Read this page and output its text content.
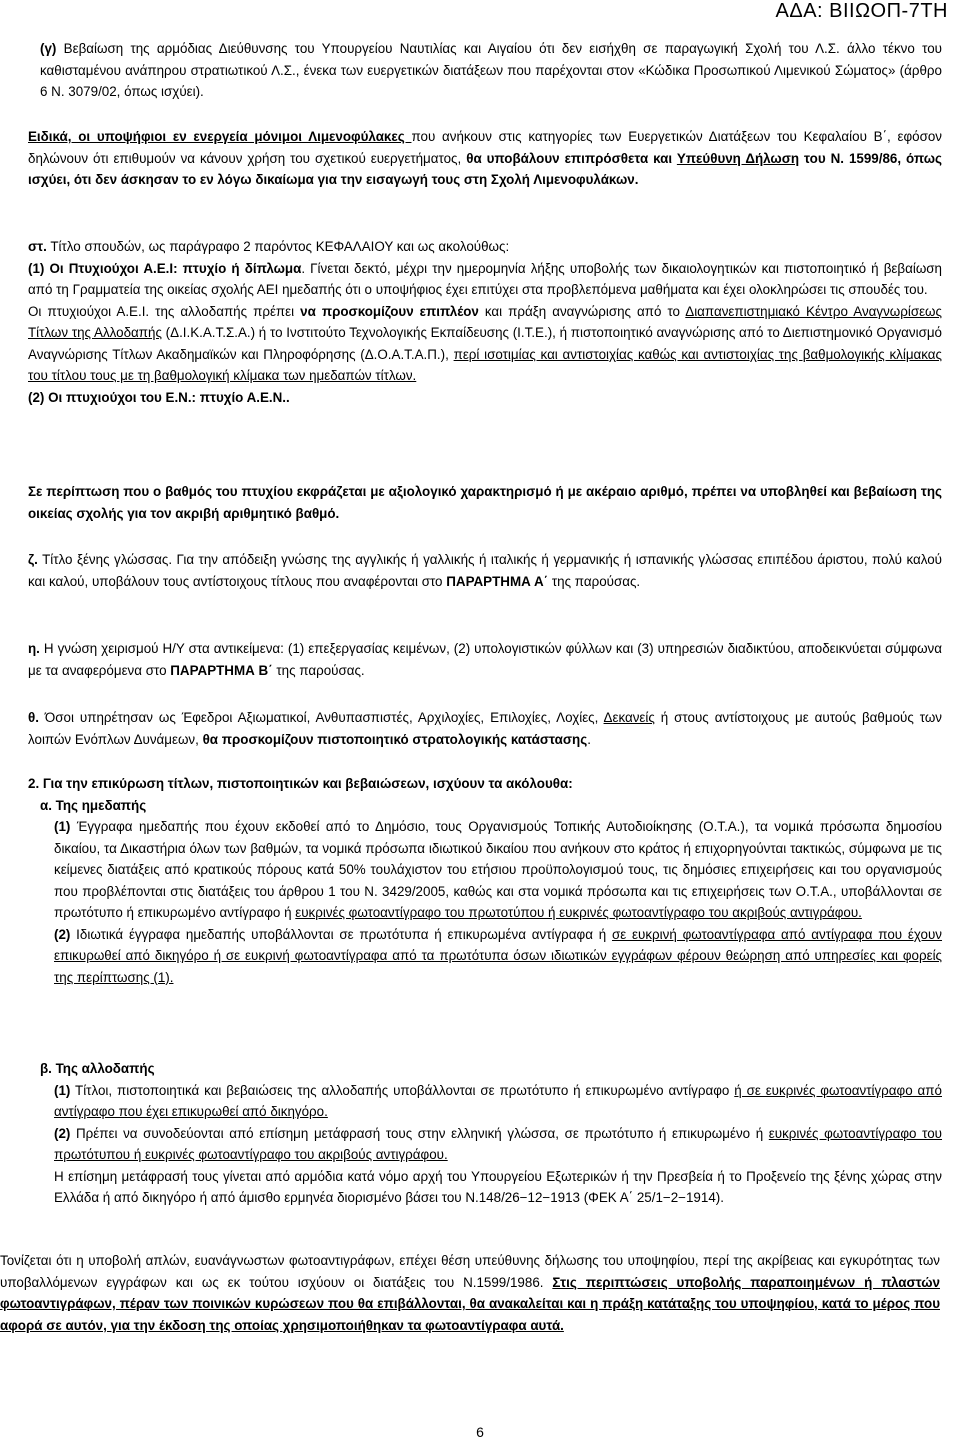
ΑΔΑ: ΒΙΙΩΟΠ-7ΤΗ

(γ) Βεβαίωση της αρμόδιας Διεύθυνσης του Υπουργείου Ναυτιλίας και Αιγαίου ότι δεν εισήχθη σε παραγωγική Σχολή του Λ.Σ. άλλο τέκνο του καθισταμένου ανάπηρου στρατιωτικού Λ.Σ., ένεκα των ευεργετικών διατάξεων που παρέχονται στον «Κώδικα Προσωπικού Λιμενικού Σώματος» (άρθρο 6 Ν. 3079/02, όπως ισχύει).

Ειδικά, οι υποψήφιοι εν ενεργεία μόνιμοι Λιμενοφύλακες που ανήκουν στις κατηγορίες των Ευεργετικών Διατάξεων του Κεφαλαίου Β΄, εφόσον δηλώνουν ότι επιθυμούν να κάνουν χρήση του σχετικού ευεργετήματος, θα υποβάλουν επιπρόσθετα και Υπεύθυνη Δήλωση του Ν. 1599/86, όπως ισχύει, ότι δεν άσκησαν το εν λόγω δικαίωμα για την εισαγωγή τους στη Σχολή Λιμενοφυλάκων.

στ. Τίτλο σπουδών, ως παράγραφο 2 παρόντος ΚΕΦΑΛΑΙΟΥ και ως ακολούθως:

(1) Οι Πτυχιούχοι Α.Ε.Ι: πτυχίο ή δίπλωμα. Γίνεται δεκτό, μέχρι την ημερομηνία λήξης υποβολής των δικαιολογητικών και πιστοποιητικό ή βεβαίωση από τη Γραμματεία της οικείας σχολής ΑΕΙ ημεδαπής ότι ο υποψήφιος έχει επιτύχει στα προβλεπόμενα μαθήματα και έχει ολοκληρώσει τις σπουδές του.

Οι πτυχιούχοι Α.Ε.Ι. της αλλοδαπής πρέπει να προσκομίζουν επιπλέον και πράξη αναγνώρισης από το Διαπανεπιστημιακό Κέντρο Αναγνωρίσεως Τίτλων της Αλλοδαπής (Δ.Ι.Κ.Α.Τ.Σ.Α.) ή το Ινστιτούτο Τεχνολογικής Εκπαίδευσης (Ι.Τ.Ε.), ή πιστοποιητικό αναγνώρισης από το Διεπιστημονικό Οργανισμό Αναγνώρισης Τίτλων Ακαδημαϊκών και Πληροφόρησης (Δ.Ο.Α.Τ.Α.Π.), περί ισοτιμίας και αντιστοιχίας καθώς και αντιστοιχίας της βαθμολογικής κλίμακας του τίτλου τους με τη βαθμολογική κλίμακα των ημεδαπών τίτλων.

(2) Οι πτυχιούχοι του Ε.Ν.: πτυχίο Α.Ε.Ν..

Σε περίπτωση που ο βαθμός του πτυχίου εκφράζεται με αξιολογικό χαρακτηρισμό ή με ακέραιο αριθμό, πρέπει να υποβληθεί και βεβαίωση της οικείας σχολής για τον ακριβή αριθμητικό βαθμό.

ζ. Τίτλο ξένης γλώσσας. Για την απόδειξη γνώσης της αγγλικής ή γαλλικής ή ιταλικής ή γερμανικής ή ισπανικής γλώσσας επιπέδου άριστου, πολύ καλού και καλού, υποβάλουν τους αντίστοιχους τίτλους που αναφέρονται στο ΠΑΡΑΡΤΗΜΑ Α΄ της παρούσας.

η. Η γνώση χειρισμού Η/Υ στα αντικείμενα: (1) επεξεργασίας κειμένων, (2) υπολογιστικών φύλλων και (3) υπηρεσιών διαδικτύου, αποδεικνύεται σύμφωνα με τα αναφερόμενα στο ΠΑΡΑΡΤΗΜΑ Β΄ της παρούσας.

θ. Όσοι υπηρέτησαν ως Έφεδροι Αξιωματικοί, Ανθυπασπιστές, Αρχιλοχίες, Επιλοχίες, Λοχίες, Δεκανείς ή στους αντίστοιχους με αυτούς βαθμούς των λοιπών Ενόπλων Δυνάμεων, θα προσκομίζουν πιστοποιητικό στρατολογικής κατάστασης.

2. Για την επικύρωση τίτλων, πιστοποιητικών και βεβαιώσεων, ισχύουν τα ακόλουθα:

α. Της ημεδαπής

(1) Έγγραφα ημεδαπής που έχουν εκδοθεί από το Δημόσιο, τους Οργανισμούς Τοπικής Αυτοδιοίκησης (Ο.Τ.Α.), τα νομικά πρόσωπα δημοσίου δικαίου, τα Δικαστήρια όλων των βαθμών, τα νομικά πρόσωπα ιδιωτικού δικαίου που ανήκουν στο κράτος ή επιχορηγούνται τακτικώς, σύμφωνα με τις κείμενες διατάξεις από κρατικούς πόρους κατά 50% τουλάχιστον του ετήσιου προϋπολογισμού τους, τις δημόσιες επιχειρήσεις και του οργανισμούς που προβλέπονται στις διατάξεις του άρθρου 1 του Ν. 3429/2005, καθώς και στα νομικά πρόσωπα και τις επιχειρήσεις των Ο.Τ.Α., υποβάλλονται σε πρωτότυπο ή επικυρωμένο αντίγραφο ή ευκρινές φωτοαντίγραφο του πρωτοτύπου ή ευκρινές φωτοαντίγραφο του ακριβούς αντιγράφου.

(2) Ιδιωτικά έγγραφα ημεδαπής υποβάλλονται σε πρωτότυπα ή επικυρωμένα αντίγραφα ή σε ευκρινή φωτοαντίγραφα από αντίγραφα που έχουν επικυρωθεί από δικηγόρο ή σε ευκρινή φωτοαντίγραφα από τα πρωτότυπα όσων ιδιωτικών εγγράφων φέρουν θεώρηση από υπηρεσίες και φορείς της περίπτωσης (1).

β. Της αλλοδαπής

(1) Τίτλοι, πιστοποιητικά και βεβαιώσεις της αλλοδαπής υποβάλλονται σε πρωτότυπο ή επικυρωμένο αντίγραφο ή σε ευκρινές φωτοαντίγραφο από αντίγραφο που έχει επικυρωθεί από δικηγόρο.

(2) Πρέπει να συνοδεύονται από επίσημη μετάφρασή τους στην ελληνική γλώσσα, σε πρωτότυπο ή επικυρωμένο ή ευκρινές φωτοαντίγραφο του πρωτότυπου ή ευκρινές φωτοαντίγραφο του ακριβούς αντιγράφου.

Η επίσημη μετάφρασή τους γίνεται από αρμόδια κατά νόμο αρχή του Υπουργείου Εξωτερικών ή την Πρεσβεία ή το Προξενείο της ξένης χώρας στην Ελλάδα ή από δικηγόρο ή από άμισθο ερμηνέα διορισμένο βάσει του Ν.148/26−12−1913 (ΦΕΚ Α΄ 25/1−2−1914).

Τονίζεται ότι η υποβολή απλών, ευανάγνωστων φωτοαντιγράφων, επέχει θέση υπεύθυνης δήλωσης του υποψηφίου, περί της ακρίβειας και εγκυρότητας των υποβαλλόμενων εγγράφων και ως εκ τούτου ισχύουν οι διατάξεις του Ν.1599/1986. Στις περιπτώσεις υποβολής παραποιημένων ή πλαστών φωτοαντιγράφων, πέραν των ποινικών κυρώσεων που θα επιβάλλονται, θα ανακαλείται και η πράξη κατάταξης του υποψηφίου, κατά το μέρος που αφορά σε αυτόν, για την έκδοση της οποίας χρησιμοποιήθηκαν τα φωτοαντίγραφα αυτά.

6
